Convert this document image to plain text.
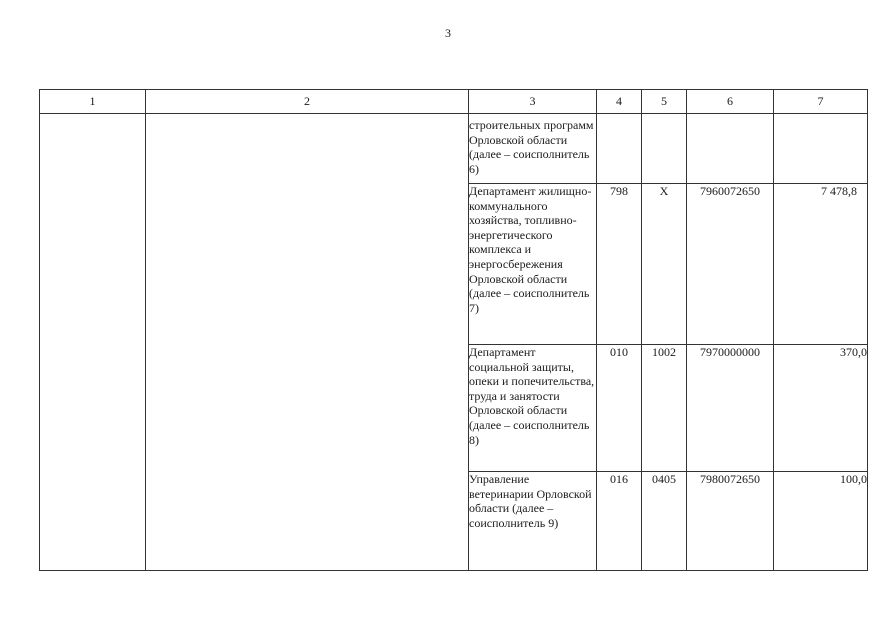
3
1	2	3	4	5	6	7
		строительных программ Орловской области (далее – соисполнитель 6)				
		Департамент жилищно-коммунального хозяйства, топливно-энергетического комплекса и энергосбережения Орловской области (далее – соисполнитель 7)	798	Х	7960072650	7 478,8
		Департамент социальной защиты, опеки и попечительства, труда и занятости Орловской области (далее – соисполнитель 8)	010	1002	7970000000	370,0
		Управление ветеринарии Орловской области (далее – соисполнитель 9)	016	0405	7980072650	100,0
